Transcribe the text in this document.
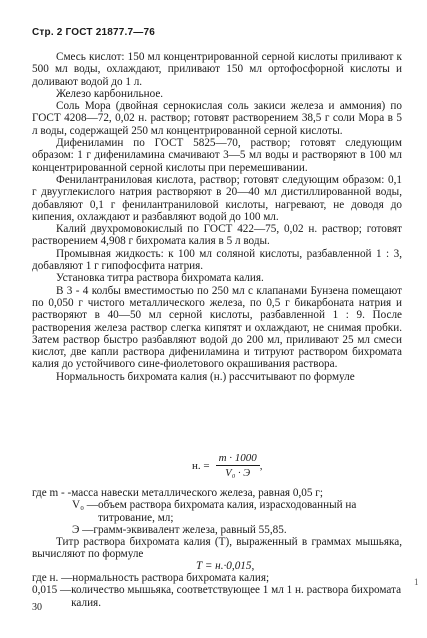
Стр. 2 ГОСТ 21877.7—76

Смесь кислот: 150 мл концентрированной серной кислоты приливают к 500 мл воды, охлаждают, приливают 150 мл ортофосфорной кислоты и доливают водой до 1 л.

Железо карбонильное.

Соль Мора (двойная сернокислая соль закиси железа и аммония) по ГОСТ 4208—72, 0,02 н. раствор; готовят растворением 38,5 г соли Мора в 5 л воды, содержащей 250 мл концентрированной серной кислоты.

Дифениламин по ГОСТ 5825—70, раствор; готовят следующим образом: 1 г дифениламина смачивают 3—5 мл воды и растворяют в 100 мл концентрированной серной кислоты при перемешивании.

Фенилантраниловая кислота, раствор; готовят следующим образом: 0,1 г двууглекислого натрия растворяют в 20—40 мл дистиллированной воды, добавляют 0,1 г фенилантраниловой кислоты, нагревают, не доводя до кипения, охлаждают и разбавляют водой до 100 мл.

Калий двухромовокислый по ГОСТ 422—75, 0,02 н. раствор; готовят растворением 4,908 г бихромата калия в 5 л воды.

Промывная жидкость: к 100 мл соляной кислоты, разбавленной 1 : 3, добавляют 1 г гипофосфита натрия.

Установка титра раствора бихромата калия.

В 3 - 4 колбы вместимостью по 250 мл с клапанами Бунзена помещают по 0,050 г чистого металлического железа, по 0,5 г бикарбоната натрия и растворяют в 40—50 мл серной кислоты, разбавленной 1 : 9. После растворения железа раствор слегка кипятят и охлаждают, не снимая пробки. Затем раствор быстро разбавляют водой до 200 мл, приливают 25 мл смеси кислот, две капли раствора дифениламина и титруют раствором бихромата калия до устойчивого сине-фиолетового окрашивания раствора.

Нормальность бихромата калия (н.) рассчитывают по формуле

н. = $\frac{m \cdot 1000}{\text{V₀ · Э}}$ ,
где m - - масса навески металлического железа, равная 0,05 г;
V₀ — объем раствора бихромата калия, израсходованный на титрование, мл;
Э — грамм-эквивалент железа, равный 55,85.

Титр раствора бихромата калия (T), выраженный в граммах мышьяка, вычисляют по формуле

T = н.·0,015,
где н. — нормальность раствора бихромата калия;
0,015 — количество мышьяка, соответствующее 1 мл 1 н. раствора бихромата калия.
30
1
